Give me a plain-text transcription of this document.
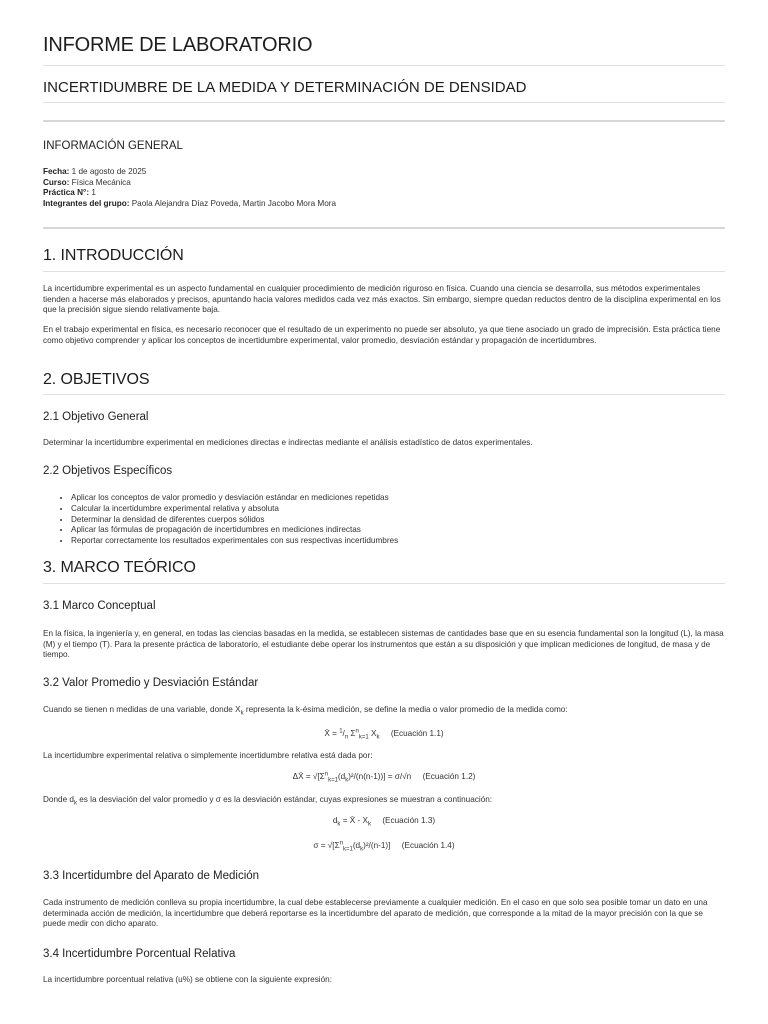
INFORME DE LABORATORIO
INCERTIDUMBRE DE LA MEDIDA Y DETERMINACIÓN DE DENSIDAD
INFORMACIÓN GENERAL
Fecha: 1 de agosto de 2025
Curso: Física Mecánica
Práctica N°: 1
Integrantes del grupo: Paola Alejandra Díaz Poveda, Martin Jacobo Mora Mora
1. INTRODUCCIÓN
La incertidumbre experimental es un aspecto fundamental en cualquier procedimiento de medición riguroso en física. Cuando una ciencia se desarrolla, sus métodos experimentales tienden a hacerse más elaborados y precisos, apuntando hacia valores medidos cada vez más exactos. Sin embargo, siempre quedan reductos dentro de la disciplina experimental en los que la precisión sigue siendo relativamente baja.
En el trabajo experimental en física, es necesario reconocer que el resultado de un experimento no puede ser absoluto, ya que tiene asociado un grado de imprecisión. Esta práctica tiene como objetivo comprender y aplicar los conceptos de incertidumbre experimental, valor promedio, desviación estándar y propagación de incertidumbres.
2. OBJETIVOS
2.1 Objetivo General
Determinar la incertidumbre experimental en mediciones directas e indirectas mediante el análisis estadístico de datos experimentales.
2.2 Objetivos Específicos
• Aplicar los conceptos de valor promedio y desviación estándar en mediciones repetidas
• Calcular la incertidumbre experimental relativa y absoluta
• Determinar la densidad de diferentes cuerpos sólidos
• Aplicar las fórmulas de propagación de incertidumbres en mediciones indirectas
• Reportar correctamente los resultados experimentales con sus respectivas incertidumbres
3. MARCO TEÓRICO
3.1 Marco Conceptual
En la física, la ingeniería y, en general, en todas las ciencias basadas en la medida, se establecen sistemas de cantidades base que en su esencia fundamental son la longitud (L), la masa (M) y el tiempo (T). Para la presente práctica de laboratorio, el estudiante debe operar los instrumentos que están a su disposición y que implican mediciones de longitud, de masa y de tiempo.
3.2 Valor Promedio y Desviación Estándar
Cuando se tienen n medidas de una variable, donde $X_k$ representa la k-ésima medición, se define la media o valor promedio de la medida como:
X̄ = $^1/_n$ $\Sigma^n_{k=1}$ $X_k$ (Ecuación 1.1)
La incertidumbre experimental relativa o simplemente incertidumbre relativa está dada por:
ΔX̄ = $√[\Sigma^n_{k=1}(d_k)^2/(n(n-1))] = \sigma/√n$ (Ecuación 1.2)
Donde $d_k$ es la desviación del valor promedio y σ es la desviación estándar, cuyas expresiones se muestran a continuación:
$d_k$ = X̄ - $X_k$ (Ecuación 1.3)
$\sigma = √[\Sigma^n_{k=1}(d_k)^2/(n-1)]$ (Ecuación 1.4)
3.3 Incertidumbre del Aparato de Medición
Cada instrumento de medición conlleva su propia incertidumbre, la cual debe establecerse previamente a cualquier medición. En el caso en que solo sea posible tomar un dato en una determinada acción de medición, la incertidumbre que deberá reportarse es la incertidumbre del aparato de medición, que corresponde a la mitad de la mayor precisión con la que se puede medir con dicho aparato.
3.4 Incertidumbre Porcentual Relativa
La incertidumbre porcentual relativa (u%) se obtiene con la siguiente expresión:
